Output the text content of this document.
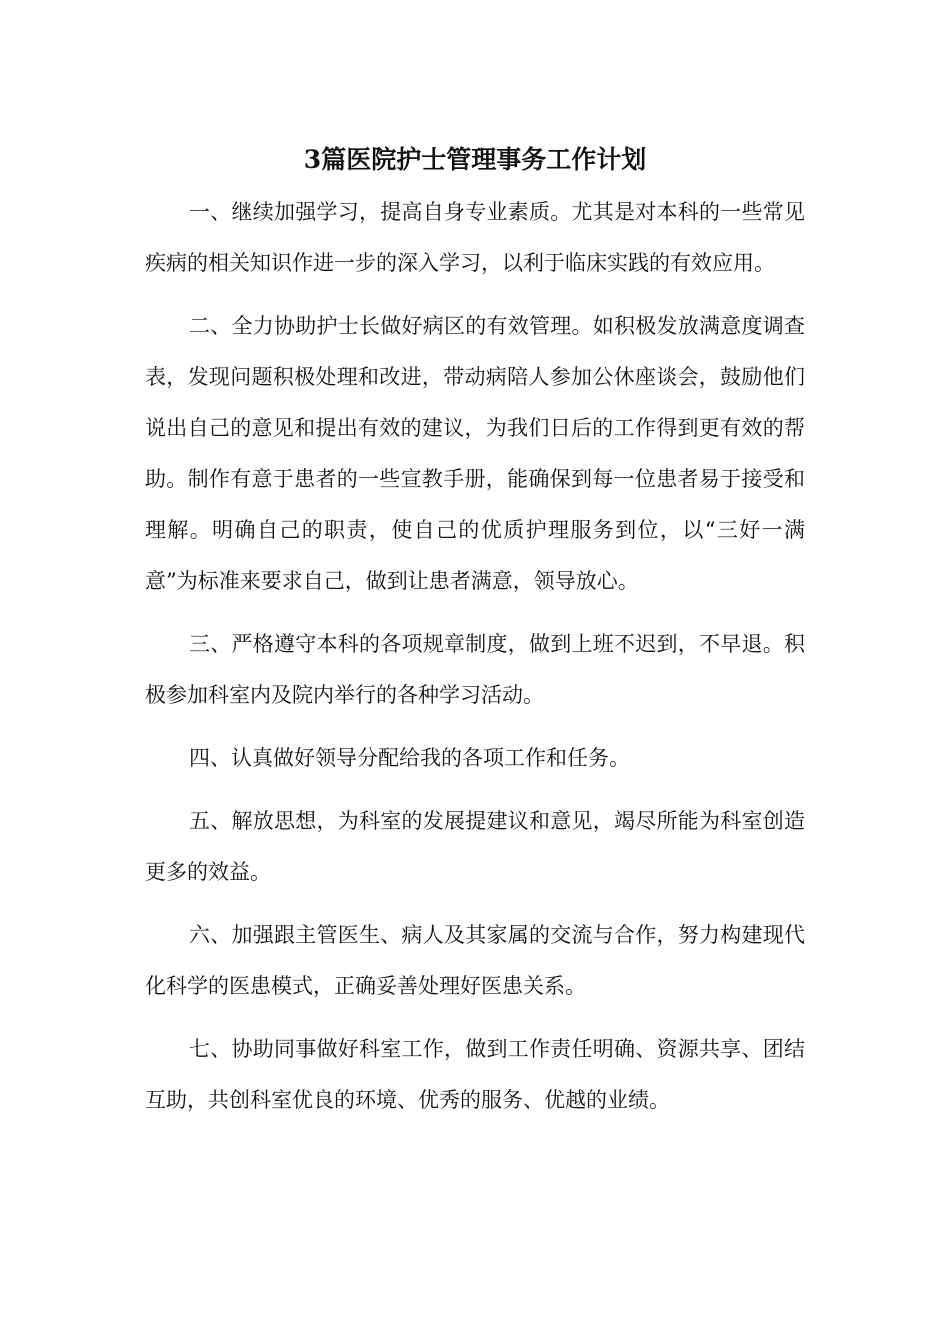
3篇医院护士管理事务工作计划

一、继续加强学习，提高自身专业素质。尤其是对本科的一些常见疾病的相关知识作进一步的深入学习，以利于临床实践的有效应用。

二、全力协助护士长做好病区的有效管理。如积极发放满意度调查表，发现问题积极处理和改进，带动病陪人参加公休座谈会，鼓励他们说出自己的意见和提出有效的建议，为我们日后的工作得到更有效的帮助。制作有意于患者的一些宣教手册，能确保到每一位患者易于接受和理解。明确自己的职责，使自己的优质护理服务到位，以“三好一满意”为标准来要求自己，做到让患者满意，领导放心。

三、严格遵守本科的各项规章制度，做到上班不迟到，不早退。积极参加科室内及院内举行的各种学习活动。

四、认真做好领导分配给我的各项工作和任务。

五、解放思想，为科室的发展提建议和意见，竭尽所能为科室创造更多的效益。

六、加强跟主管医生、病人及其家属的交流与合作，努力构建现代化科学的医患模式，正确妥善处理好医患关系。

七、协助同事做好科室工作，做到工作责任明确、资源共享、团结互助，共创科室优良的环境、优秀的服务、优越的业绩。
